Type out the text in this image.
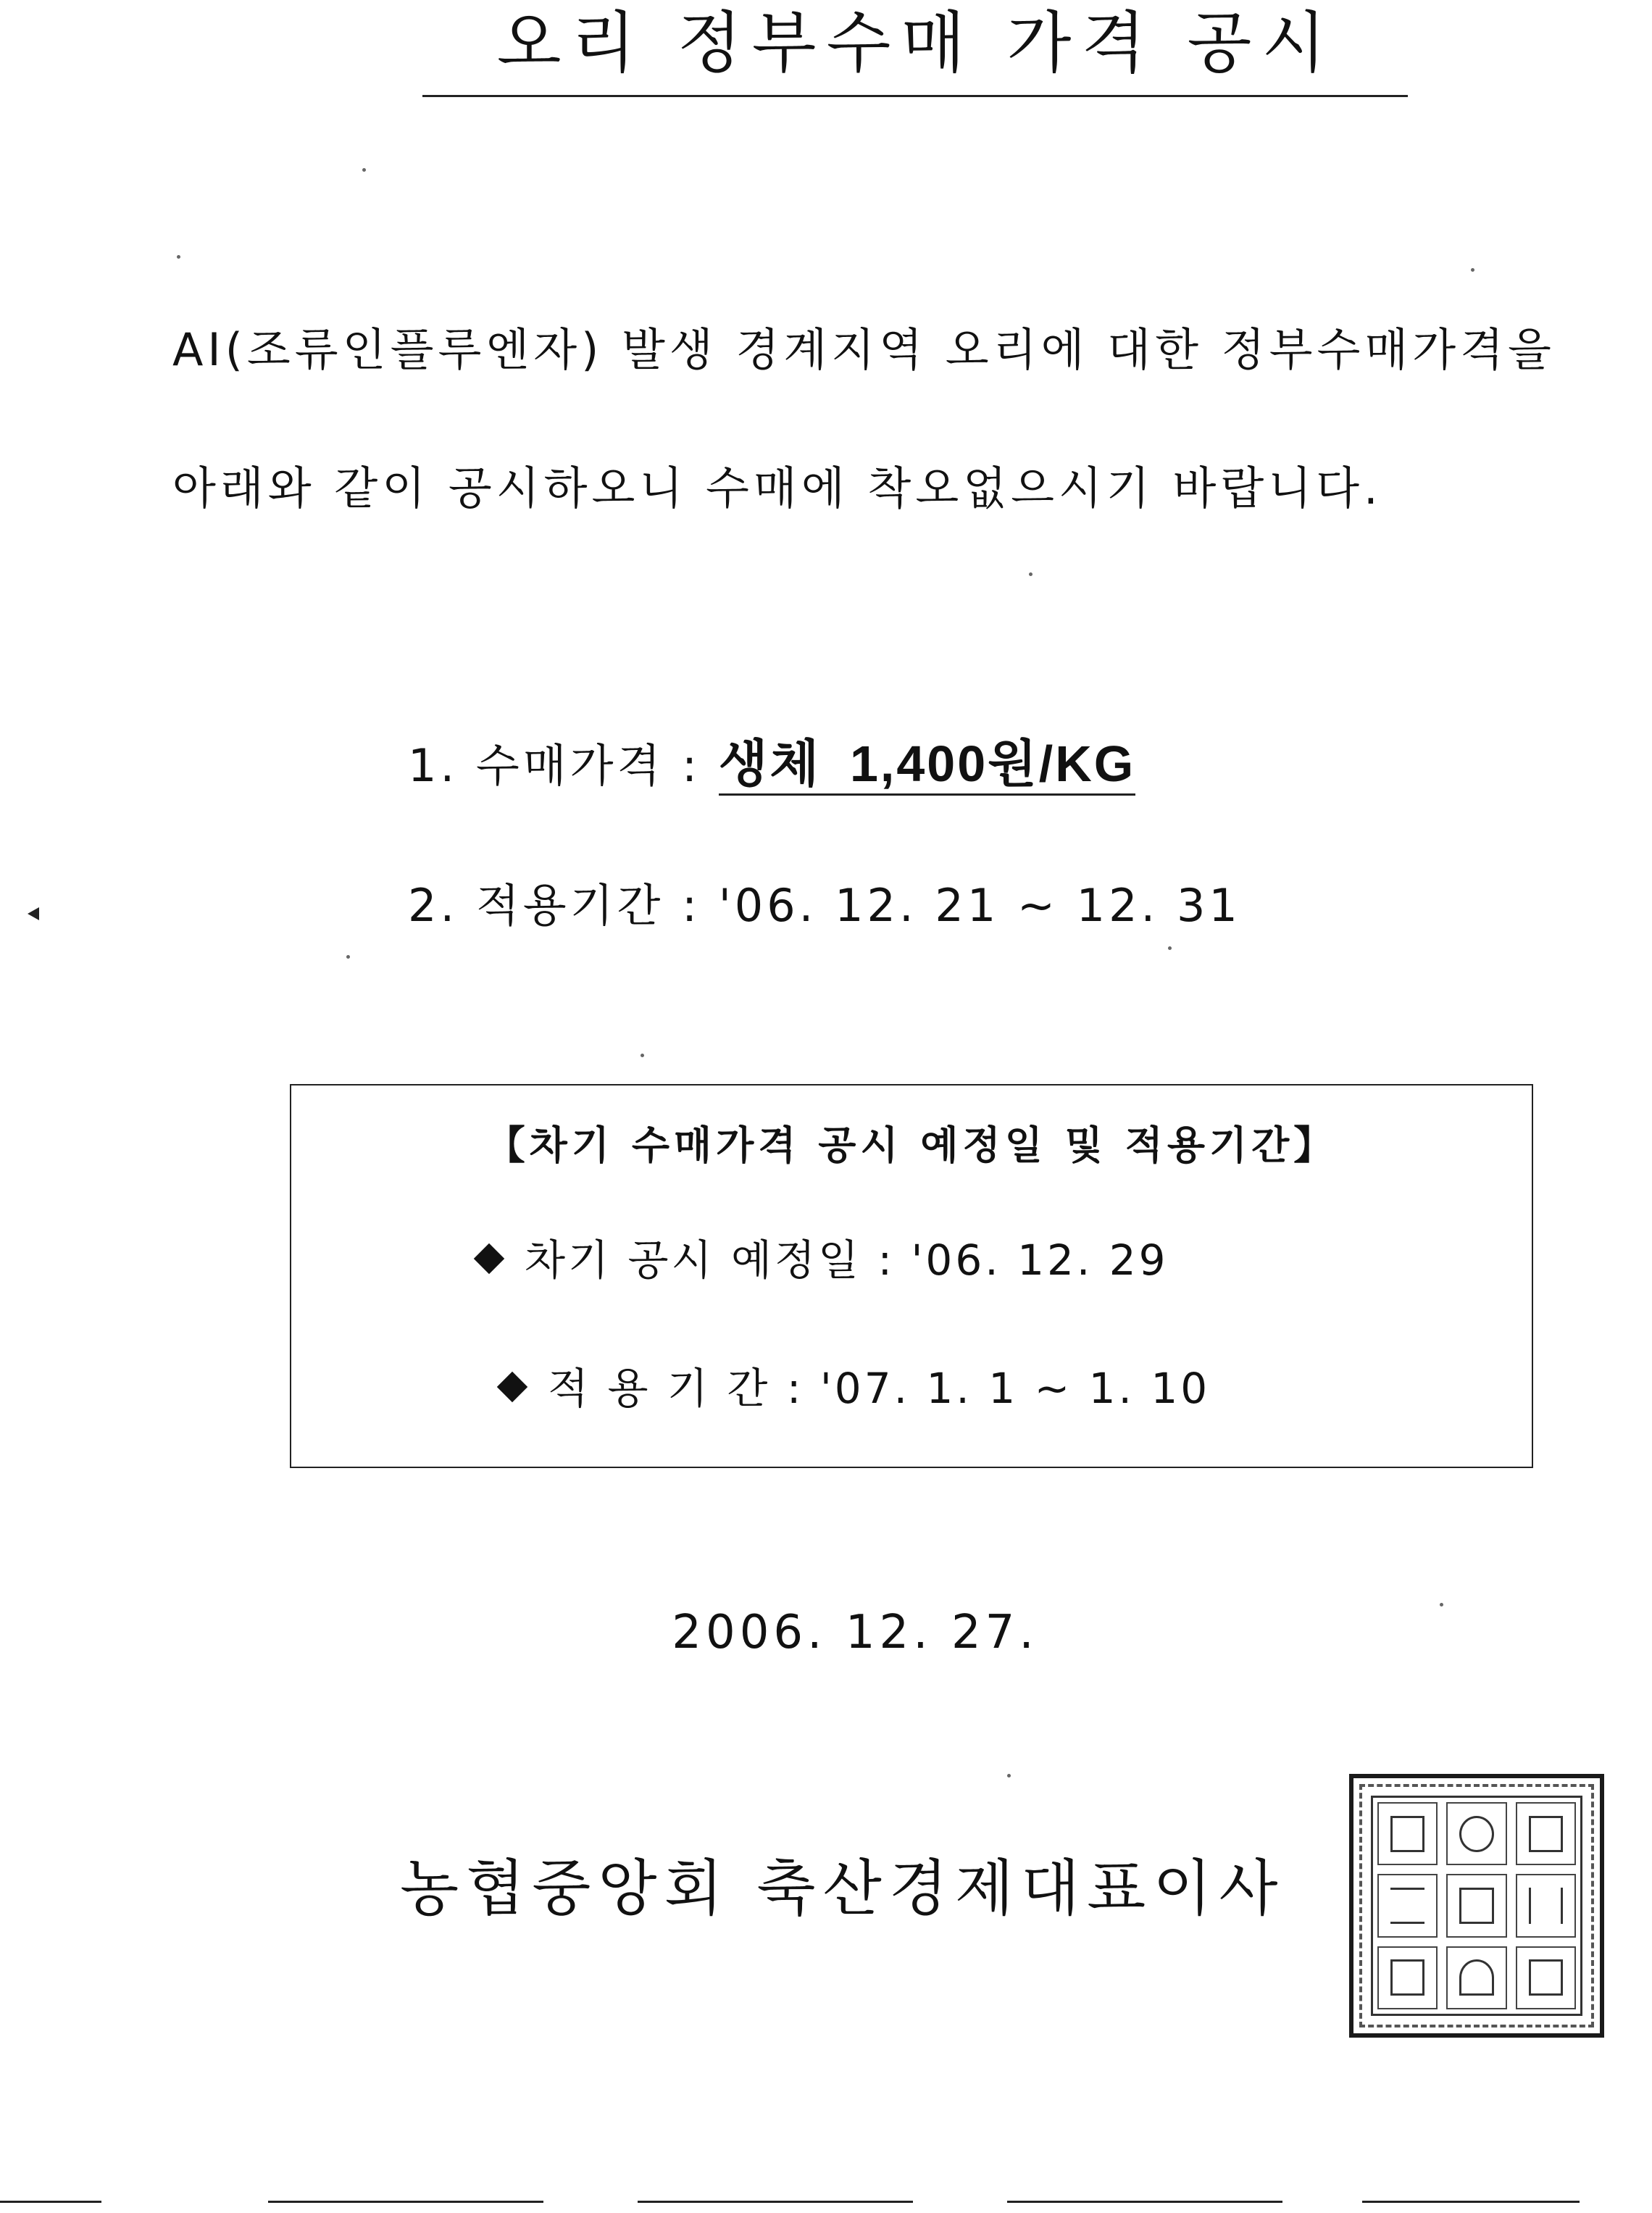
오리 정부수매 가격 공시
AI(조류인플루엔자) 발생 경계지역 오리에 대한 정부수매가격을
아래와 같이 공시하오니 수매에 착오없으시기 바랍니다.
1. 수매가격 : 생체 1,400원/KG
2. 적용기간 : '06. 12. 21 ~ 12. 31
【차기 수매가격 공시 예정일 및 적용기간】
차기 공시 예정일 : '06. 12. 29
적 용 기 간 : '07. 1. 1 ~ 1. 10
2006. 12. 27.
농협중앙회 축산경제대표이사
